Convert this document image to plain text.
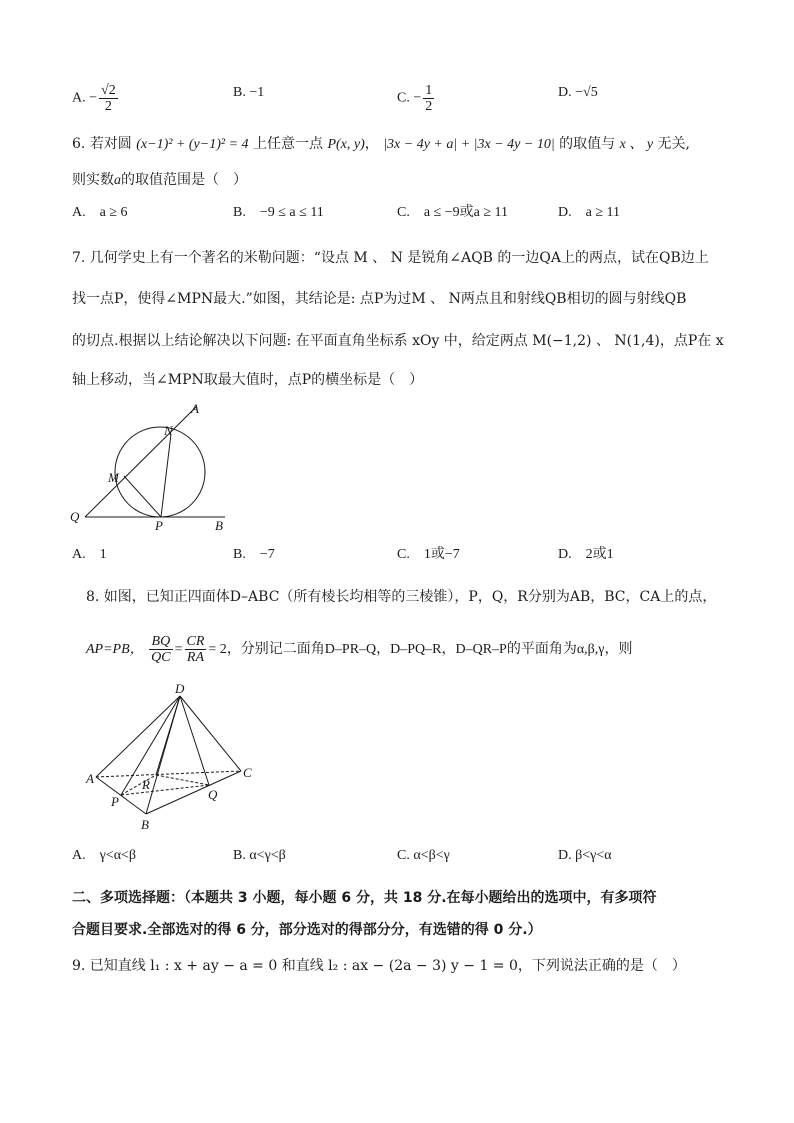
A. − $\frac{√2}{2}$	B. −1	C. − $\frac{1}{2}$	D. −√5
6. 若对圆 (x−1)² + (y−1)² = 4 上任意一点 P(x, y)， |3x − 4y + a| + |3x − 4y − 10| 的取值与 x 、 y 无关,
则实数a的取值范围是（　）
A.　a ≥ 6	B.　−9 ≤ a ≤ 11	C.　a ≤ −9或a ≥ 11	D.　a ≥ 11
7. 几何学史上有一个著名的米勒问题：“设点 M 、 N 是锐角∠AQB 的一边QA上的两点，试在QB边上
找一点P，使得∠MPN最大.”如图，其结论是: 点P为过M 、 N两点且和射线QB相切的圆与射线QB
的切点.根据以上结论解决以下问题: 在平面直角坐标系 xOy 中，给定两点 M(−1,2) 、 N(1,4)，点P在 x
轴上移动，当∠MPN取最大值时，点P的横坐标是（　）
A
N
M
Q
P	B
A.　1	B.　−7	C.　1或−7	D.　2或1
8. 如图，已知正四面体D–ABC（所有棱长均相等的三棱锥），P，Q，R分别为AB，BC，CA上的点，
AP=PB， $\frac{BQ}{QC} = \frac{CR}{RA} = 2$，分别记二面角D–PR–Q，D–PQ–R，D–QR–P的平面角为α,β,γ，则
D
A	R
C
P	Q
B
A.　γ<α<β	B. α<γ<β	C. α<β<γ	D. β<γ<α
二、多项选择题：（本题共 3 小题，每小题 6 分，共 18 分.在每小题给出的选项中，有多项符
合题目要求.全部选对的得 6 分，部分选对的得部分分，有选错的得 0 分.）
9. 已知直线 l₁ : x + ay − a = 0 和直线 l₂ : ax − (2a − 3) y − 1 = 0，下列说法正确的是（　）
